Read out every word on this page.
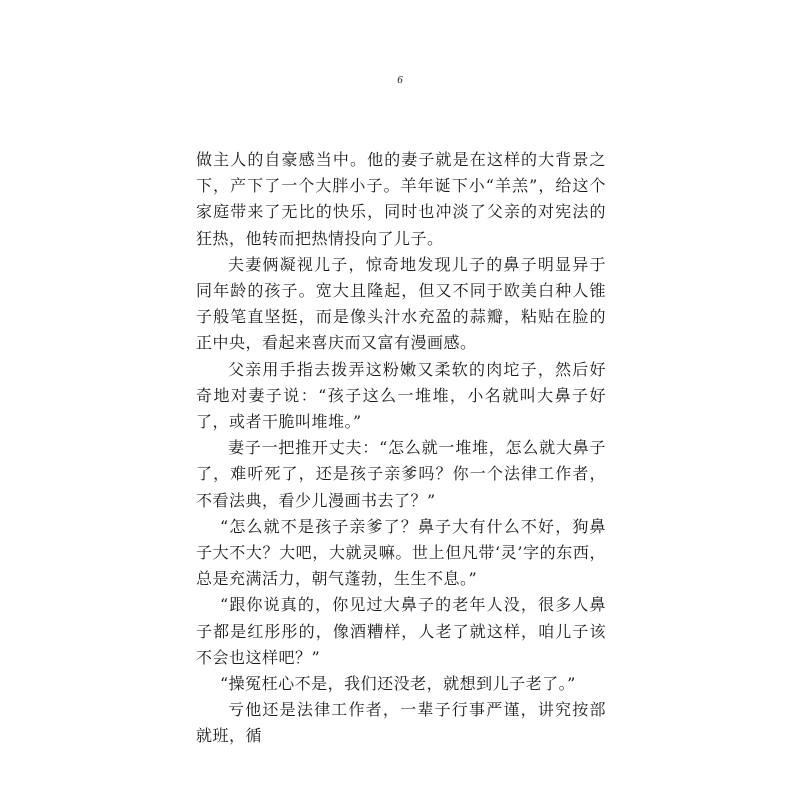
6

做主人的自豪感当中。他的妻子就是在这样的大背景之下，产下了一个大胖小子。羊年诞下小“羊羔”，给这个家庭带来了无比的快乐，同时也冲淡了父亲的对宪法的狂热，他转而把热情投向了儿子。

夫妻俩凝视儿子，惊奇地发现儿子的鼻子明显异于同年龄的孩子。宽大且隆起，但又不同于欧美白种人锥子般笔直坚挺，而是像头汁水充盈的蒜瓣，粘贴在脸的正中央，看起来喜庆而又富有漫画感。

父亲用手指去拨弄这粉嫩又柔软的肉坨子，然后好奇地对妻子说：“孩子这么一堆堆，小名就叫大鼻子好了，或者干脆叫堆堆。”

妻子一把推开丈夫：“怎么就一堆堆，怎么就大鼻子了，难听死了，还是孩子亲爹吗？你一个法律工作者，不看法典，看少儿漫画书去了？”

“怎么就不是孩子亲爹了？鼻子大有什么不好，狗鼻子大不大？大吧，大就灵嘛。世上但凡带‘灵’字的东西，总是充满活力，朝气蓬勃，生生不息。”

“跟你说真的，你见过大鼻子的老年人没，很多人鼻子都是红彤彤的，像酒糟样，人老了就这样，咱儿子该不会也这样吧？”

“操冤枉心不是，我们还没老，就想到儿子老了。”

亏他还是法律工作者，一辈子行事严谨，讲究按部就班，循
